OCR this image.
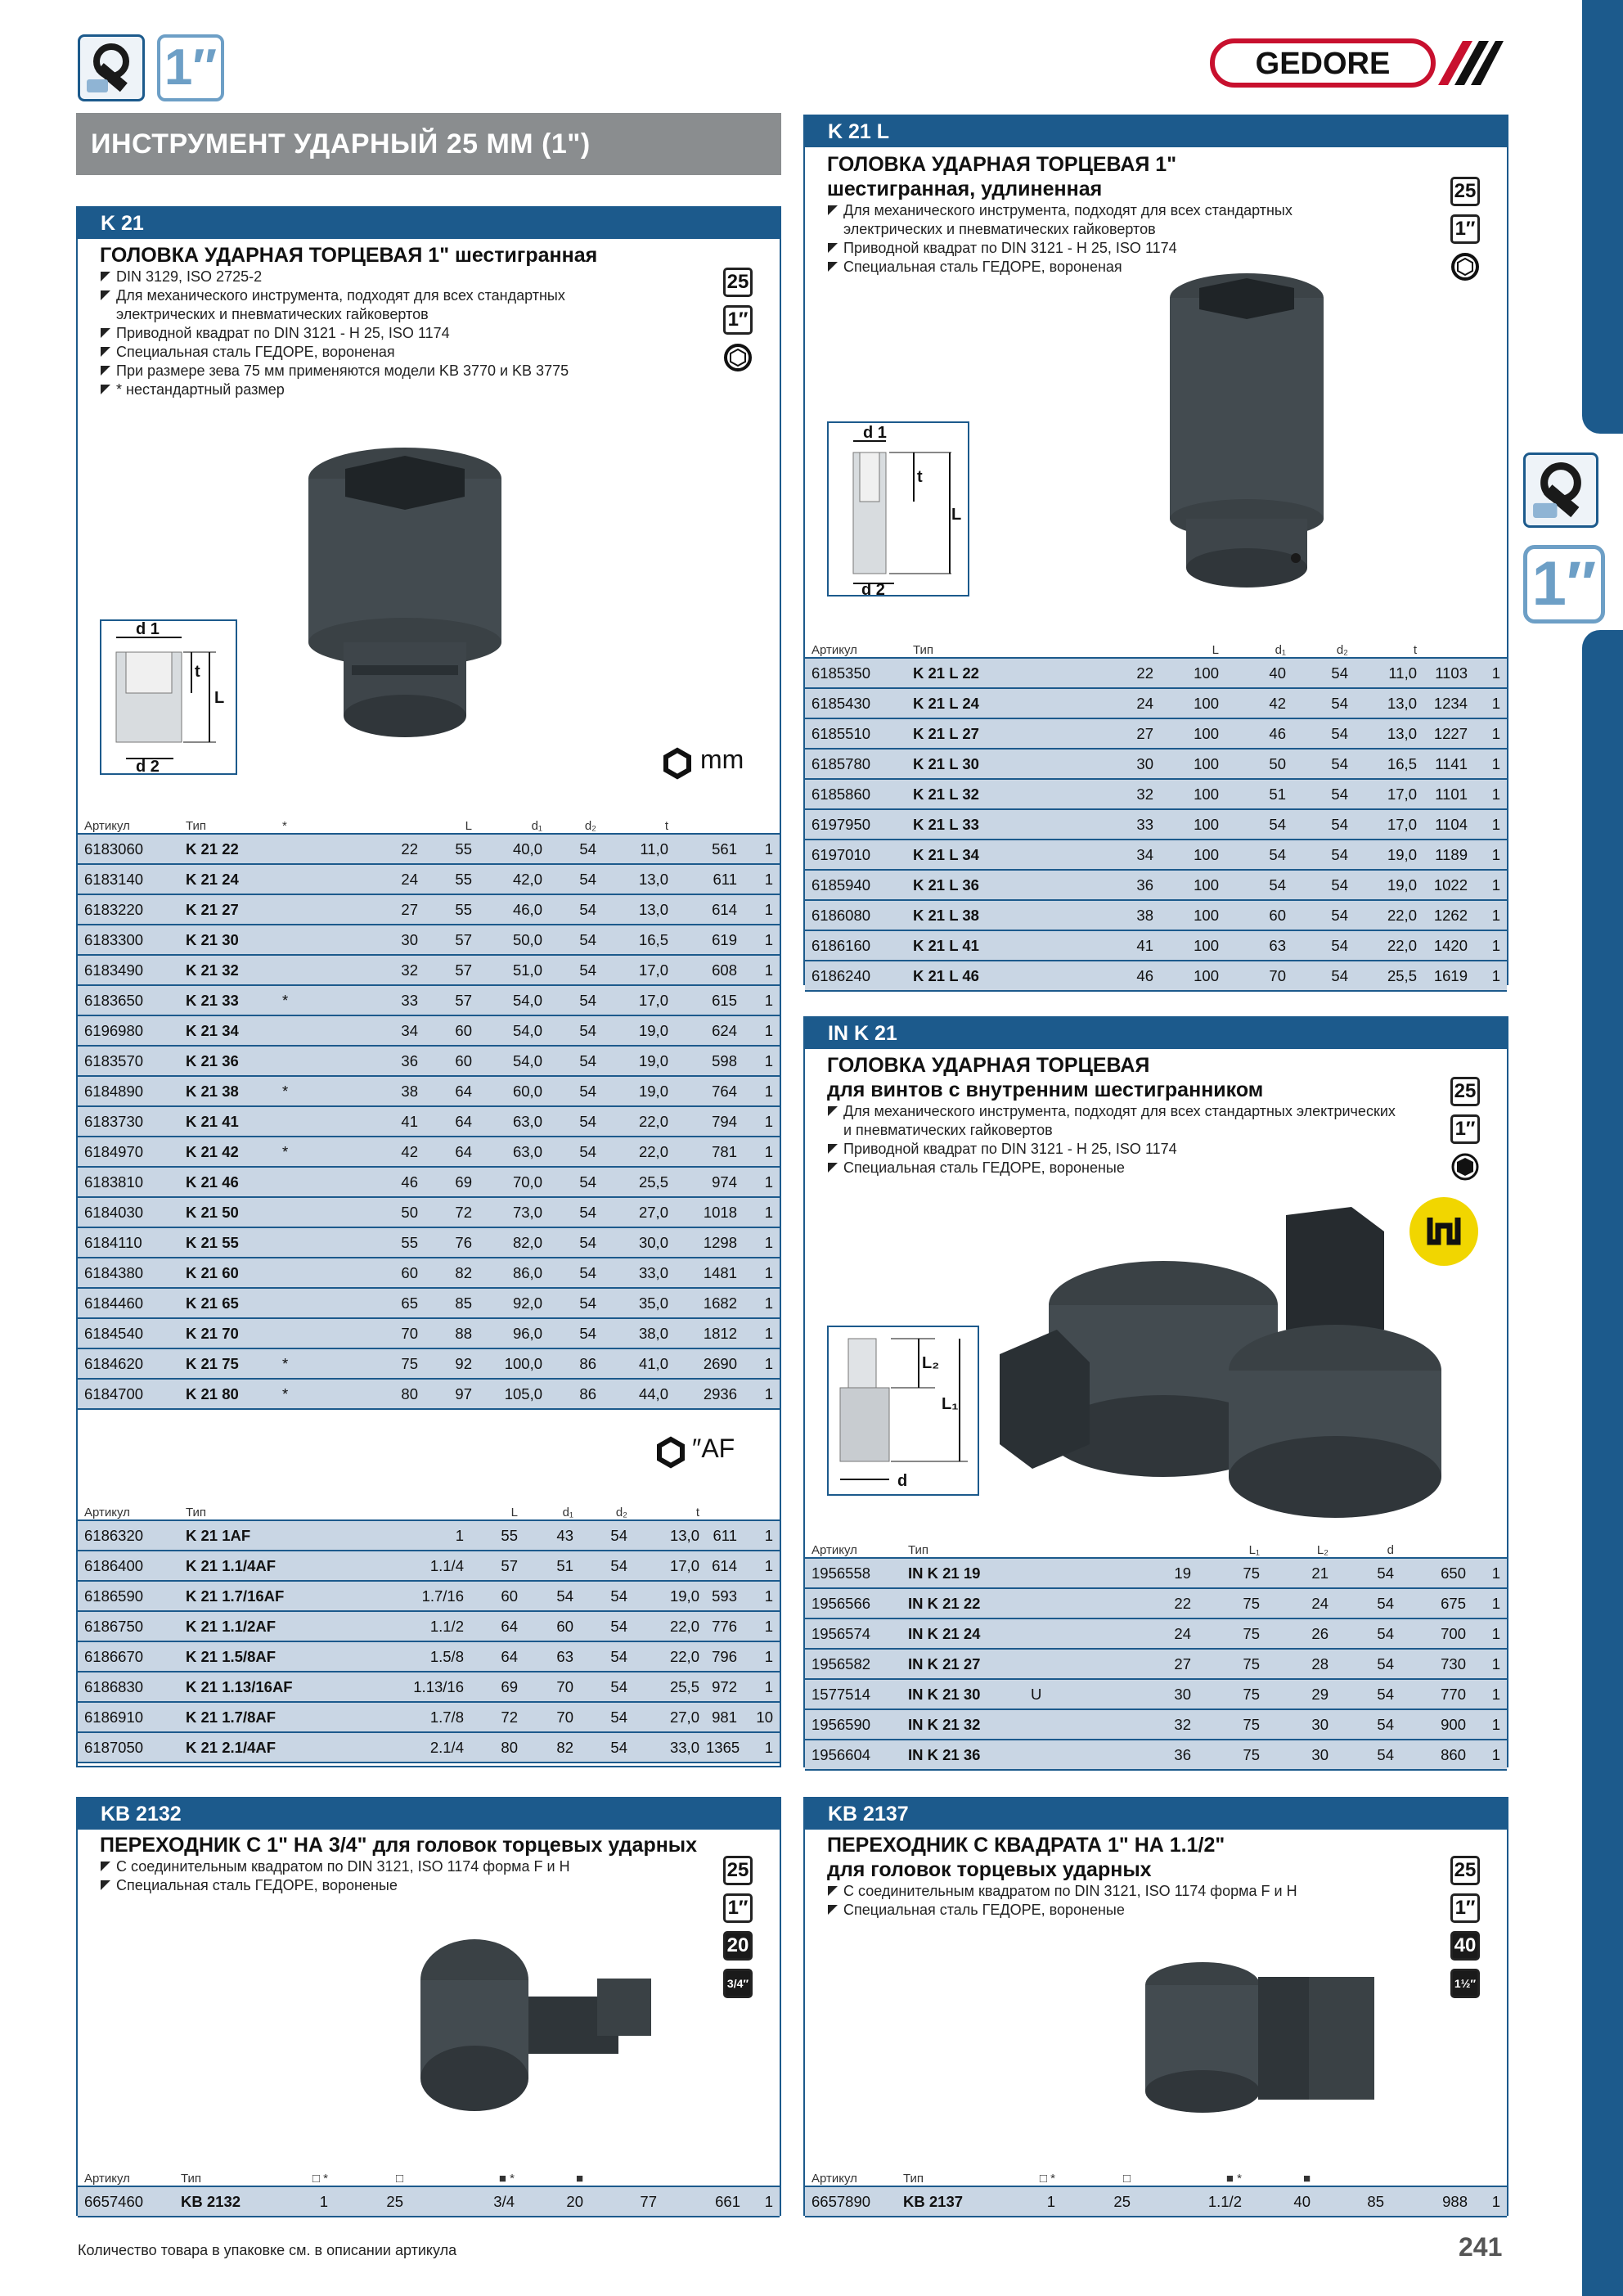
1″	GEDORE
ИНСТРУМЕНТ УДАРНЫЙ 25 ММ (1")
1″
K 21
ГОЛОВКА УДАРНАЯ ТОРЦЕВАЯ 1" шестигранная
DIN 3129, ISO 2725-2
Для механического инструмента, подходят для всех стандартных
электрических и пневматических гайковертов
Приводной квадрат по DIN 3121 - H 25, ISO 1174
Специальная сталь ГЕДОРЕ, вороненая
При размере зева 75 мм применяются модели KB 3770 и KB 3775
* нестандартный размер
25
1″
d 1
t
L
d 2	mm
Артикул	Тип	*		L	d₁	d₂	t		
6183060	K 21 22		22	55	40,0	54	11,0	561	1
6183140	K 21 24		24	55	42,0	54	13,0	611	1
6183220	K 21 27		27	55	46,0	54	13,0	614	1
6183300	K 21 30		30	57	50,0	54	16,5	619	1
6183490	K 21 32		32	57	51,0	54	17,0	608	1
6183650	K 21 33	*	33	57	54,0	54	17,0	615	1
6196980	K 21 34		34	60	54,0	54	19,0	624	1
6183570	K 21 36		36	60	54,0	54	19,0	598	1
6184890	K 21 38	*	38	64	60,0	54	19,0	764	1
6183730	K 21 41		41	64	63,0	54	22,0	794	1
6184970	K 21 42	*	42	64	63,0	54	22,0	781	1
6183810	K 21 46		46	69	70,0	54	25,5	974	1
6184030	K 21 50		50	72	73,0	54	27,0	1018	1
6184110	K 21 55		55	76	82,0	54	30,0	1298	1
6184380	K 21 60		60	82	86,0	54	33,0	1481	1
6184460	K 21 65		65	85	92,0	54	35,0	1682	1
6184540	K 21 70		70	88	96,0	54	38,0	1812	1
6184620	K 21 75	*	75	92	100,0	86	41,0	2690	1
6184700	K 21 80	*	80	97	105,0	86	44,0	2936	1
″AF
Артикул	Тип		L	d₁	d₂	t		
6186320	K 21 1AF	1	55	43	54	13,0	611	1
6186400	K 21 1.1/4AF	1.1/4	57	51	54	17,0	614	1
6186590	K 21 1.7/16AF	1.7/16	60	54	54	19,0	593	1
6186750	K 21 1.1/2AF	1.1/2	64	60	54	22,0	776	1
6186670	K 21 1.5/8AF	1.5/8	64	63	54	22,0	796	1
6186830	K 21 1.13/16AF	1.13/16	69	70	54	25,5	972	1
6186910	K 21 1.7/8AF	1.7/8	72	70	54	27,0	981	10
6187050	K 21 2.1/4AF	2.1/4	80	82	54	33,0	1365	1
K 21 L
ГОЛОВКА УДАРНАЯ ТОРЦЕВАЯ 1"
шестигранная, удлиненная
Для механического инструмента, подходят для всех стандартных
электрических и пневматических гайковертов
Приводной квадрат по DIN 3121 - H 25, ISO 1174
Специальная сталь ГЕДОРЕ, вороненая
25
1″
d 1
t
L
d 2
Артикул	Тип		L	d₁	d₂	t		
6185350	K 21 L 22	22	100	40	54	11,0	1103	1
6185430	K 21 L 24	24	100	42	54	13,0	1234	1
6185510	K 21 L 27	27	100	46	54	13,0	1227	1
6185780	K 21 L 30	30	100	50	54	16,5	1141	1
6185860	K 21 L 32	32	100	51	54	17,0	1101	1
6197950	K 21 L 33	33	100	54	54	17,0	1104	1
6197010	K 21 L 34	34	100	54	54	19,0	1189	1
6185940	K 21 L 36	36	100	54	54	19,0	1022	1
6186080	K 21 L 38	38	100	60	54	22,0	1262	1
6186160	K 21 L 41	41	100	63	54	22,0	1420	1
6186240	K 21 L 46	46	100	70	54	25,5	1619	1
IN K 21
ГОЛОВКА УДАРНАЯ ТОРЦЕВАЯ
для винтов с внутренним шестигранником
Для механического инструмента, подходят для всех стандартных электрических
и пневматических гайковертов
Приводной квадрат по DIN 3121 - H 25, ISO 1174
Специальная сталь ГЕДОРЕ, вороненые
25
1″
L₂
L₁
d
Артикул	Тип			L₁	L₂	d		
1956558	IN K 21 19		19	75	21	54	650	1
1956566	IN K 21 22		22	75	24	54	675	1
1956574	IN K 21 24		24	75	26	54	700	1
1956582	IN K 21 27		27	75	28	54	730	1
1577514	IN K 21 30	U	30	75	29	54	770	1
1956590	IN K 21 32		32	75	30	54	900	1
1956604	IN K 21 36		36	75	30	54	860	1
KB 2132
ПЕРЕХОДНИК С 1" НА 3/4" для головок торцевых ударных
С соединительным квадратом по DIN 3121, ISO 1174 форма F и H
Специальная сталь ГЕДОРЕ, вороненые
25
1″
20
3/4″
Артикул	Тип	□ *	□	■ *	■			
6657460	KB 2132	1	25	3/4	20	77	661	1
KB 2137
ПЕРЕХОДНИК С КВАДРАТА 1" НА 1.1/2"
для головок торцевых ударных
С соединительным квадратом по DIN 3121, ISO 1174 форма F и H
Специальная сталь ГЕДОРЕ, вороненые
25
1″
40
1½″
Артикул	Тип	□ *	□	■ *	■			
6657890	KB 2137	1	25	1.1/2	40	85	988	1
Количество товара в упаковке см. в описании артикула	241
